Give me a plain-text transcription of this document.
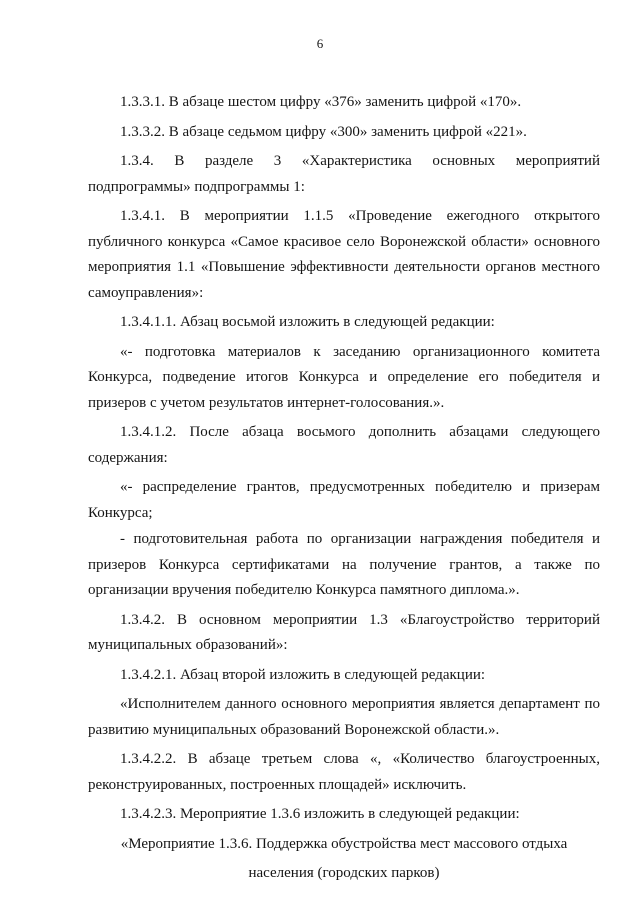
6

1.3.3.1. В абзаце шестом цифру «376» заменить цифрой «170».

1.3.3.2. В абзаце седьмом цифру «300» заменить цифрой «221».

1.3.4. В разделе 3 «Характеристика основных мероприятий

подпрограммы» подпрограммы 1:

1.3.4.1. В мероприятии 1.1.5 «Проведение ежегодного открытого публичного конкурса «Самое красивое село Воронежской области» основного мероприятия 1.1 «Повышение эффективности деятельности органов местного самоуправления»:

1.3.4.1.1. Абзац восьмой изложить в следующей редакции:

«- подготовка материалов к заседанию организационного комитета Конкурса, подведение итогов Конкурса и определение его победителя и призеров с учетом результатов интернет-голосования.».

1.3.4.1.2. После абзаца восьмого дополнить абзацами следующего содержания:

«- распределение грантов, предусмотренных победителю и призерам Конкурса;

- подготовительная работа по организации награждения победителя и призеров Конкурса сертификатами на получение грантов, а также по организации вручения победителю Конкурса памятного диплома.».

1.3.4.2. В основном мероприятии 1.3 «Благоустройство территорий муниципальных образований»:

1.3.4.2.1. Абзац второй изложить в следующей редакции:

«Исполнителем данного основного мероприятия является департамент по развитию муниципальных образований Воронежской области.».

1.3.4.2.2. В абзаце третьем слова «, «Количество благоустроенных, реконструированных, построенных площадей» исключить.

1.3.4.2.3. Мероприятие 1.3.6 изложить в следующей редакции:

«Мероприятие 1.3.6. Поддержка обустройства мест массового отдыха

населения (городских парков)
